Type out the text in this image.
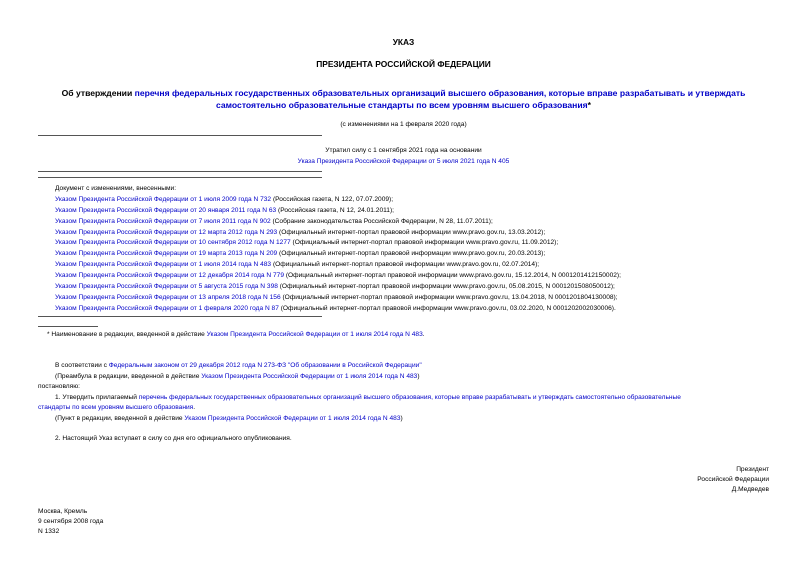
УКАЗ
ПРЕЗИДЕНТА РОССИЙСКОЙ ФЕДЕРАЦИИ
Об утверждении перечня федеральных государственных образовательных организаций высшего образования, которые вправе разрабатывать и утверждать самостоятельно образовательные стандарты по всем уровням высшего образования*
(с изменениями на 1 февраля 2020 года)
Утратил силу с 1 сентября 2021 года на основании
Указа Президента Российской Федерации от 5 июля 2021 года N 405
Документ с изменениями, внесенными:
Указом Президента Российской Федерации от 1 июля 2009 года N 732 (Российская газета, N 122, 07.07.2009);
Указом Президента Российской Федерации от 20 января 2011 года N 63 (Российская газета, N 12, 24.01.2011);
Указом Президента Российской Федерации от 7 июля 2011 года N 902 (Собрание законодательства Российской Федерации, N 28, 11.07.2011);
Указом Президента Российской Федерации от 12 марта 2012 года N 293 (Официальный интернет-портал правовой информации www.pravo.gov.ru, 13.03.2012);
Указом Президента Российской Федерации от 10 сентября 2012 года N 1277 (Официальный интернет-портал правовой информации www.pravo.gov.ru, 11.09.2012);
Указом Президента Российской Федерации от 19 марта 2013 года N 209 (Официальный интернет-портал правовой информации www.pravo.gov.ru, 20.03.2013);
Указом Президента Российской Федерации от 1 июля 2014 года N 483 (Официальный интернет-портал правовой информации www.pravo.gov.ru, 02.07.2014);
Указом Президента Российской Федерации от 12 декабря 2014 года N 779 (Официальный интернет-портал правовой информации www.pravo.gov.ru, 15.12.2014, N 0001201412150002);
Указом Президента Российской Федерации от 5 августа 2015 года N 398 (Официальный интернет-портал правовой информации www.pravo.gov.ru, 05.08.2015, N 0001201508050012);
Указом Президента Российской Федерации от 13 апреля 2018 года N 156 (Официальный интернет-портал правовой информации www.pravo.gov.ru, 13.04.2018, N 0001201804130008);
Указом Президента Российской Федерации от 1 февраля 2020 года N 87 (Официальный интернет-портал правовой информации www.pravo.gov.ru, 03.02.2020, N 0001202002030006).
* Наименование в редакции, введенной в действие Указом Президента Российской Федерации от 1 июля 2014 года N 483.
В соответствии с Федеральным законом от 29 декабря 2012 года N 273-ФЗ "Об образовании в Российской Федерации"
(Преамбула в редакции, введенной в действие Указом Президента Российской Федерации от 1 июля 2014 года N 483)
постановляю:
1. Утвердить прилагаемый перечень федеральных государственных образовательных организаций высшего образования, которые вправе разрабатывать и утверждать самостоятельно образовательные
стандарты по всем уровням высшего образования.
(Пункт в редакции, введенной в действие Указом Президента Российской Федерации от 1 июля 2014 года N 483)
2. Настоящий Указ вступает в силу со дня его официального опубликования.
Президент
Российской Федерации
Д.Медведев
Москва, Кремль
9 сентября 2008 года
N 1332
